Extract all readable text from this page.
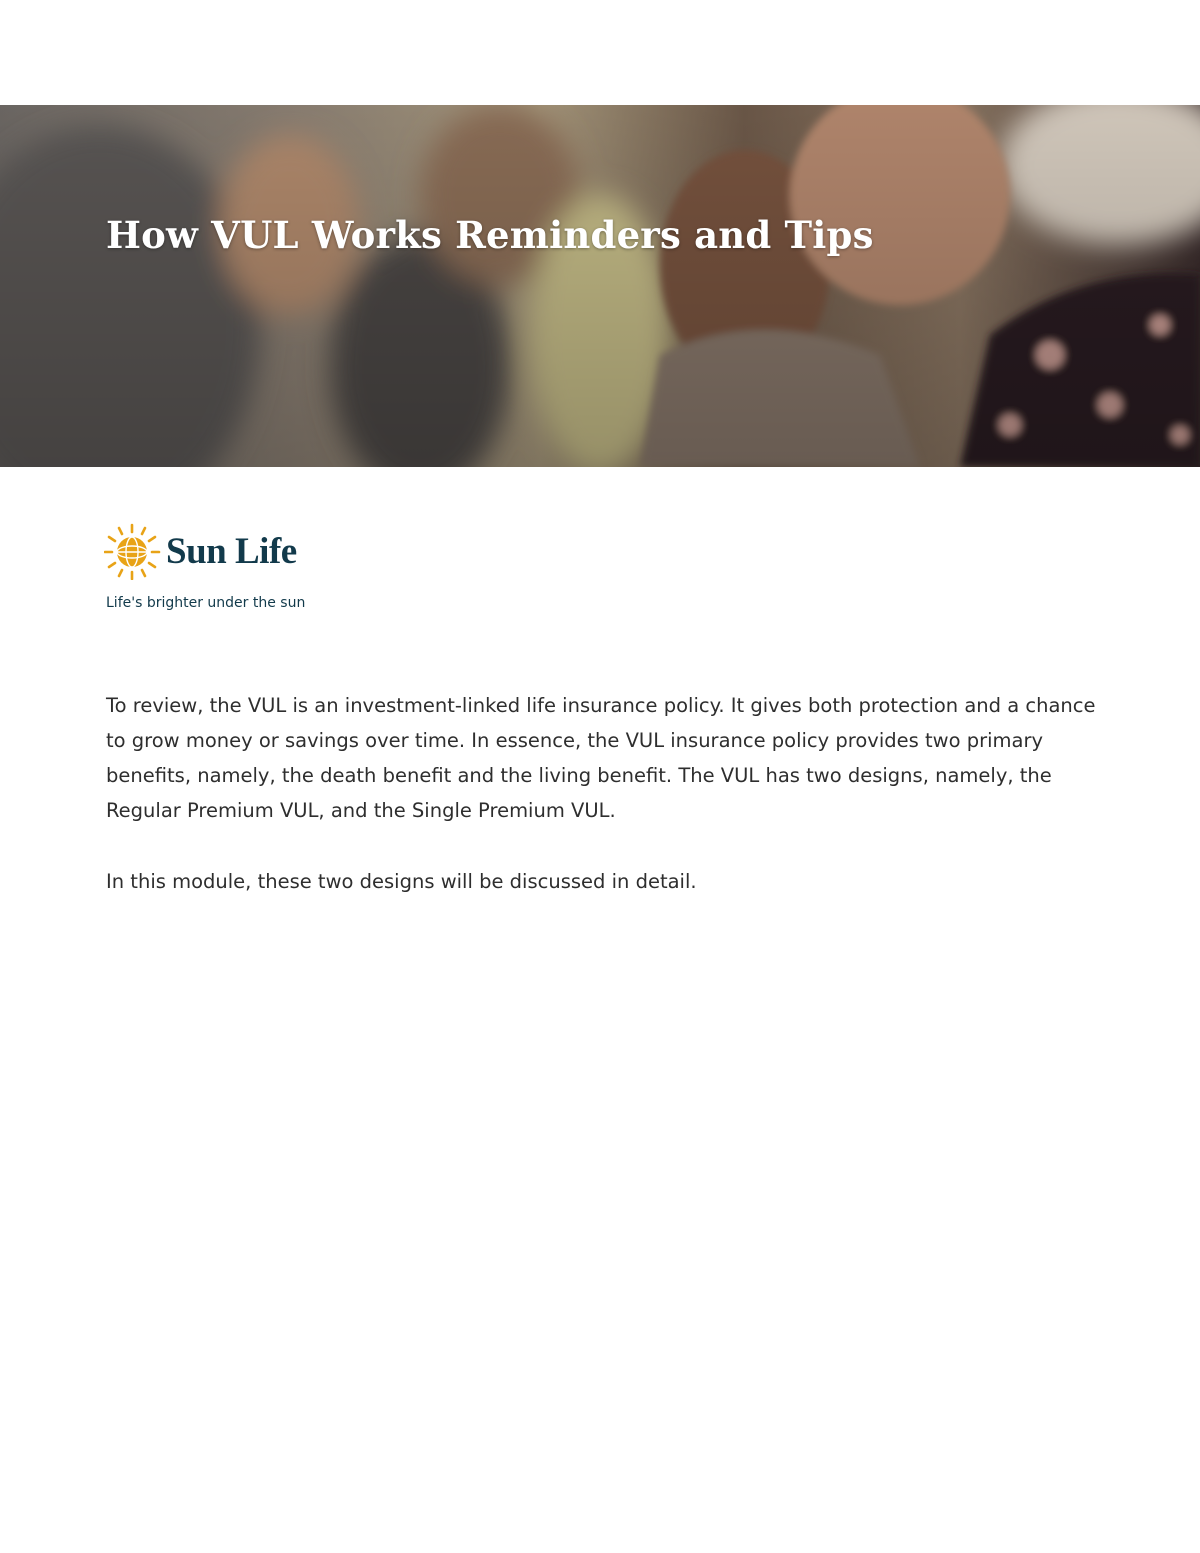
How VUL Works Reminders and Tips
Sun Life
Life's brighter under the sun

To review, the VUL is an investment-linked life insurance policy. It gives both protection and a chance to grow money or savings over time. In essence, the VUL insurance policy provides two primary benefits, namely, the death benefit and the living benefit. The VUL has two designs, namely, the Regular Premium VUL, and the Single Premium VUL.

In this module, these two designs will be discussed in detail.
